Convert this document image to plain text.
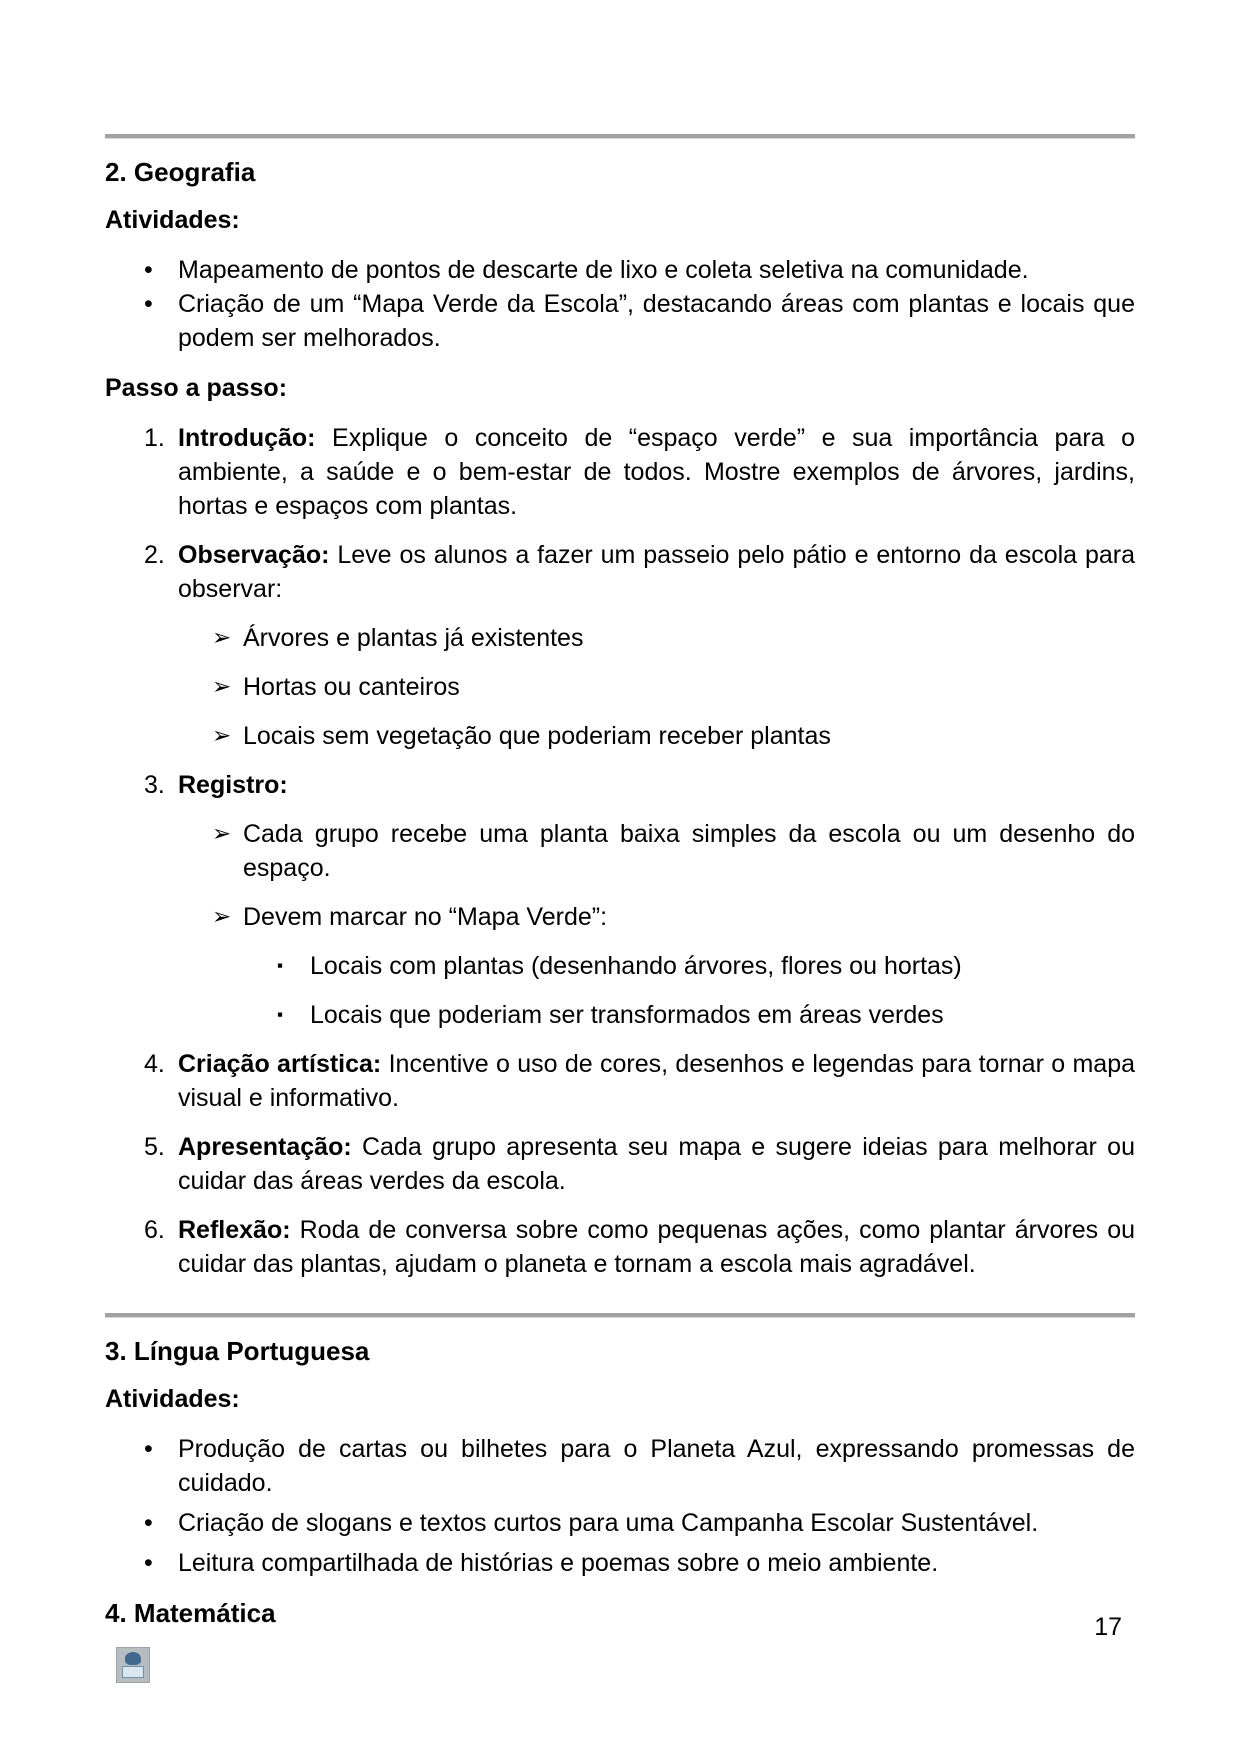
2. Geografia

Atividades:

•	Mapeamento de pontos de descarte de lixo e coleta seletiva na comunidade.
•	Criação de um “Mapa Verde da Escola”, destacando áreas com plantas e locais que podem ser melhorados.

Passo a passo:

1. Introdução: Explique o conceito de “espaço verde” e sua importância para o ambiente, a saúde e o bem-estar de todos. Mostre exemplos de árvores, jardins, hortas e espaços com plantas.
2. Observação: Leve os alunos a fazer um passeio pelo pátio e entorno da escola para observar:
➢ Árvores e plantas já existentes
➢ Hortas ou canteiros
➢ Locais sem vegetação que poderiam receber plantas
3. Registro:
➢ Cada grupo recebe uma planta baixa simples da escola ou um desenho do espaço.
➢ Devem marcar no “Mapa Verde”:
▪	Locais com plantas (desenhando árvores, flores ou hortas)
▪	Locais que poderiam ser transformados em áreas verdes
4. Criação artística: Incentive o uso de cores, desenhos e legendas para tornar o mapa visual e informativo.
5. Apresentação: Cada grupo apresenta seu mapa e sugere ideias para melhorar ou cuidar das áreas verdes da escola.
6. Reflexão: Roda de conversa sobre como pequenas ações, como plantar árvores ou cuidar das plantas, ajudam o planeta e tornam a escola mais agradável.
3. Língua Portuguesa

Atividades:

•	Produção de cartas ou bilhetes para o Planeta Azul, expressando promessas de cuidado.
•	Criação de slogans e textos curtos para uma Campanha Escolar Sustentável.
•	Leitura compartilhada de histórias e poemas sobre o meio ambiente.
4. Matemática	17
